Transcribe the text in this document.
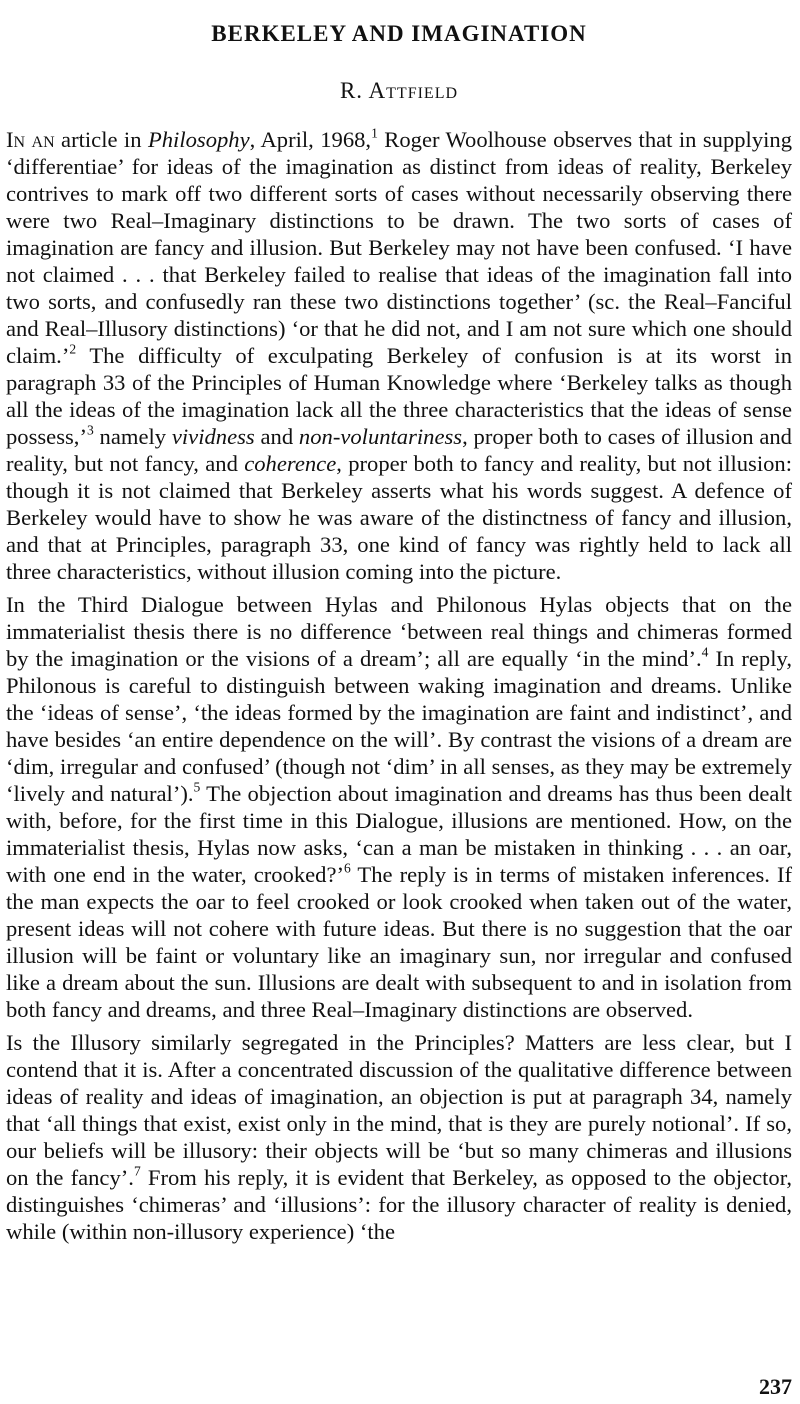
BERKELEY AND IMAGINATION
R. Attfield

In an article in Philosophy, April, 1968,$^1$ Roger Woolhouse observes that in supplying ‘differentiae’ for ideas of the imagination as distinct from ideas of reality, Berkeley contrives to mark off two different sorts of cases without necessarily observing there were two Real–Imaginary distinctions to be drawn. The two sorts of cases of imagination are fancy and illusion. But Berkeley may not have been confused. ‘I have not claimed . . . that Berkeley failed to realise that ideas of the imagination fall into two sorts, and confusedly ran these two distinctions together’ (sc. the Real–Fanciful and Real–Illusory distinctions) ‘or that he did not, and I am not sure which one should claim.’$^2$ The difficulty of exculpating Berkeley of confusion is at its worst in paragraph 33 of the Principles of Human Knowledge where ‘Berkeley talks as though all the ideas of the imagination lack all the three characteristics that the ideas of sense possess,’$^3$ namely vividness and non-voluntariness, proper both to cases of illusion and reality, but not fancy, and coherence, proper both to fancy and reality, but not illusion: though it is not claimed that Berkeley asserts what his words suggest. A defence of Berkeley would have to show he was aware of the distinctness of fancy and illusion, and that at Principles, paragraph 33, one kind of fancy was rightly held to lack all three characteristics, without illusion coming into the picture.

In the Third Dialogue between Hylas and Philonous Hylas objects that on the immaterialist thesis there is no difference ‘between real things and chimeras formed by the imagination or the visions of a dream’; all are equally ‘in the mind’.$^4$ In reply, Philonous is careful to distinguish between waking imagination and dreams. Unlike the ‘ideas of sense’, ‘the ideas formed by the imagination are faint and indistinct’, and have besides ‘an entire dependence on the will’. By contrast the visions of a dream are ‘dim, irregular and confused’ (though not ‘dim’ in all senses, as they may be extremely ‘lively and natural’).$^5$ The objection about imagination and dreams has thus been dealt with, before, for the first time in this Dialogue, illusions are mentioned. How, on the immaterialist thesis, Hylas now asks, ‘can a man be mistaken in thinking . . . an oar, with one end in the water, crooked?’$^6$ The reply is in terms of mistaken inferences. If the man expects the oar to feel crooked or look crooked when taken out of the water, present ideas will not cohere with future ideas. But there is no suggestion that the oar illusion will be faint or voluntary like an imaginary sun, nor irregular and confused like a dream about the sun. Illusions are dealt with subsequent to and in isolation from both fancy and dreams, and three Real–Imaginary distinctions are observed.

Is the Illusory similarly segregated in the Principles? Matters are less clear, but I contend that it is. After a concentrated discussion of the qualitative difference between ideas of reality and ideas of imagination, an objection is put at paragraph 34, namely that ‘all things that exist, exist only in the mind, that is they are purely notional’. If so, our beliefs will be illusory: their objects will be ‘but so many chimeras and illusions on the fancy’.$^7$ From his reply, it is evident that Berkeley, as opposed to the objector, distinguishes ‘chimeras’ and ‘illusions’: for the illusory character of reality is denied, while (within non-illusory experience) ‘the

237
